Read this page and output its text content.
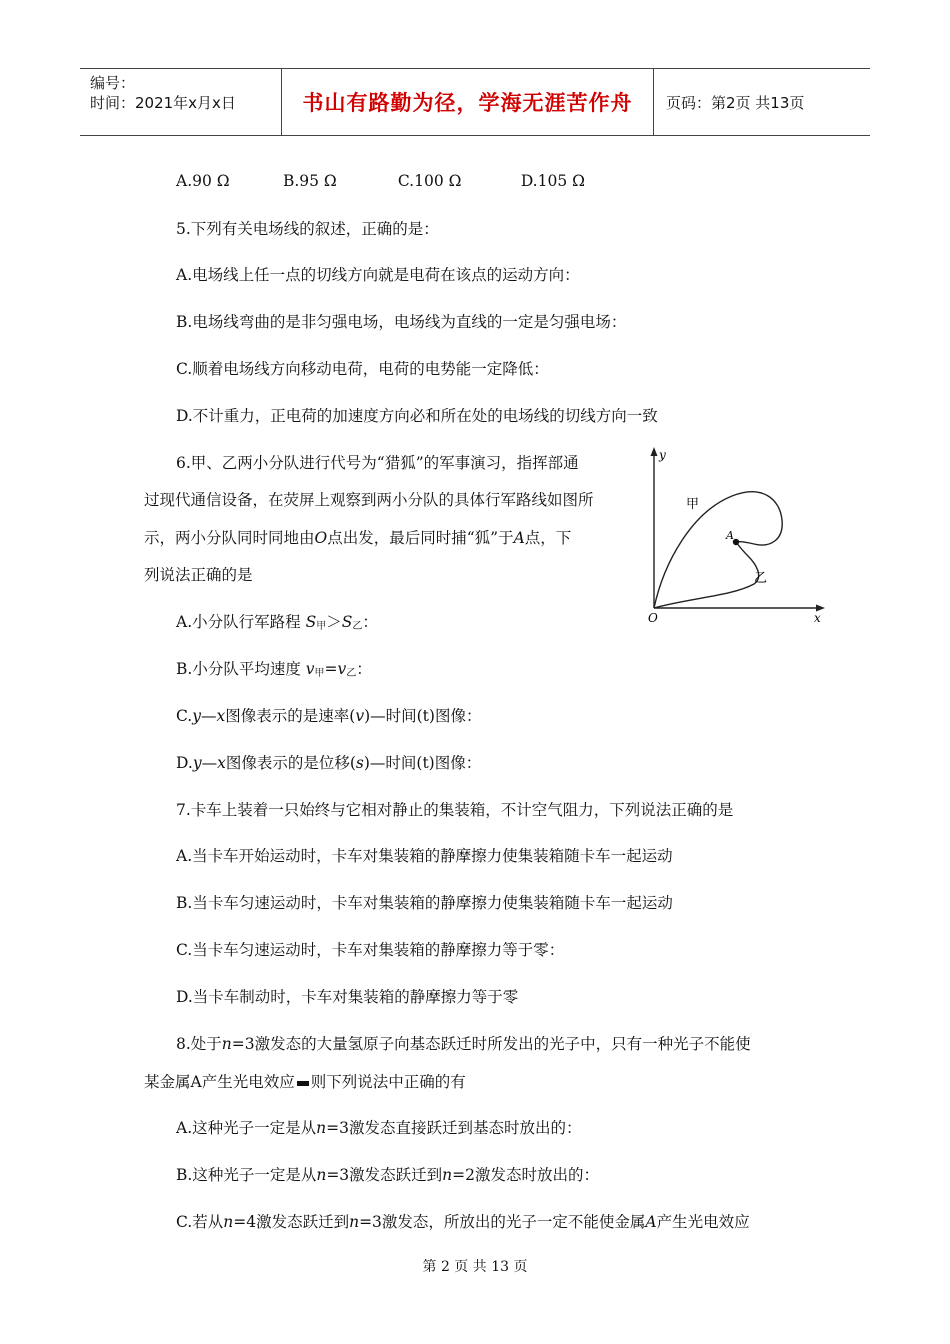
编号：
时间：2021年x月x日	书山有路勤为径，学海无涯苦作舟	页码：第2页 共13页
A.90 Ω	B.95 Ω	C.100 Ω	D.105 Ω
5.下列有关电场线的叙述，正确的是：
A.电场线上任一点的切线方向就是电荷在该点的运动方向：
B.电场线弯曲的是非匀强电场，电场线为直线的一定是匀强电场：
C.顺着电场线方向移动电荷，电荷的电势能一定降低：
D.不计重力，正电荷的加速度方向必和所在处的电场线的切线方向一致
6.甲、乙两小分队进行代号为“猎狐”的军事演习，指挥部通
过现代通信设备，在荧屏上观察到两小分队的具体行军路线如图所
示，两小分队同时同地由O点出发，最后同时捕“狐”于A点，下
列说法正确的是
A.小分队行军路程 $S_甲>S_乙$：
B.小分队平均速度 $v_甲=v_乙$：
C.y—x图像表示的是速率(v)—时间(t)图像：
D.y—x图像表示的是位移(s)—时间(t)图像：
y
x
O
A
甲
乙
7.卡车上装着一只始终与它相对静止的集装箱，不计空气阻力，下列说法正确的是
A.当卡车开始运动时，卡车对集装箱的静摩擦力使集装箱随卡车一起运动
B.当卡车匀速运动时，卡车对集装箱的静摩擦力使集装箱随卡车一起运动
C.当卡车匀速运动时，卡车对集装箱的静摩擦力等于零：
D.当卡车制动时，卡车对集装箱的静摩擦力等于零
8.处于n=3激发态的大量氢原子向基态跃迁时所发出的光子中，只有一种光子不能使
某金属A产生光电效应 则下列说法中正确的有
A.这种光子一定是从n=3激发态直接跃迁到基态时放出的：
B.这种光子一定是从n=3激发态跃迁到n=2激发态时放出的：
C.若从n=4激发态跃迁到n=3激发态，所放出的光子一定不能使金属A产生光电效应
第 2 页 共 13 页
